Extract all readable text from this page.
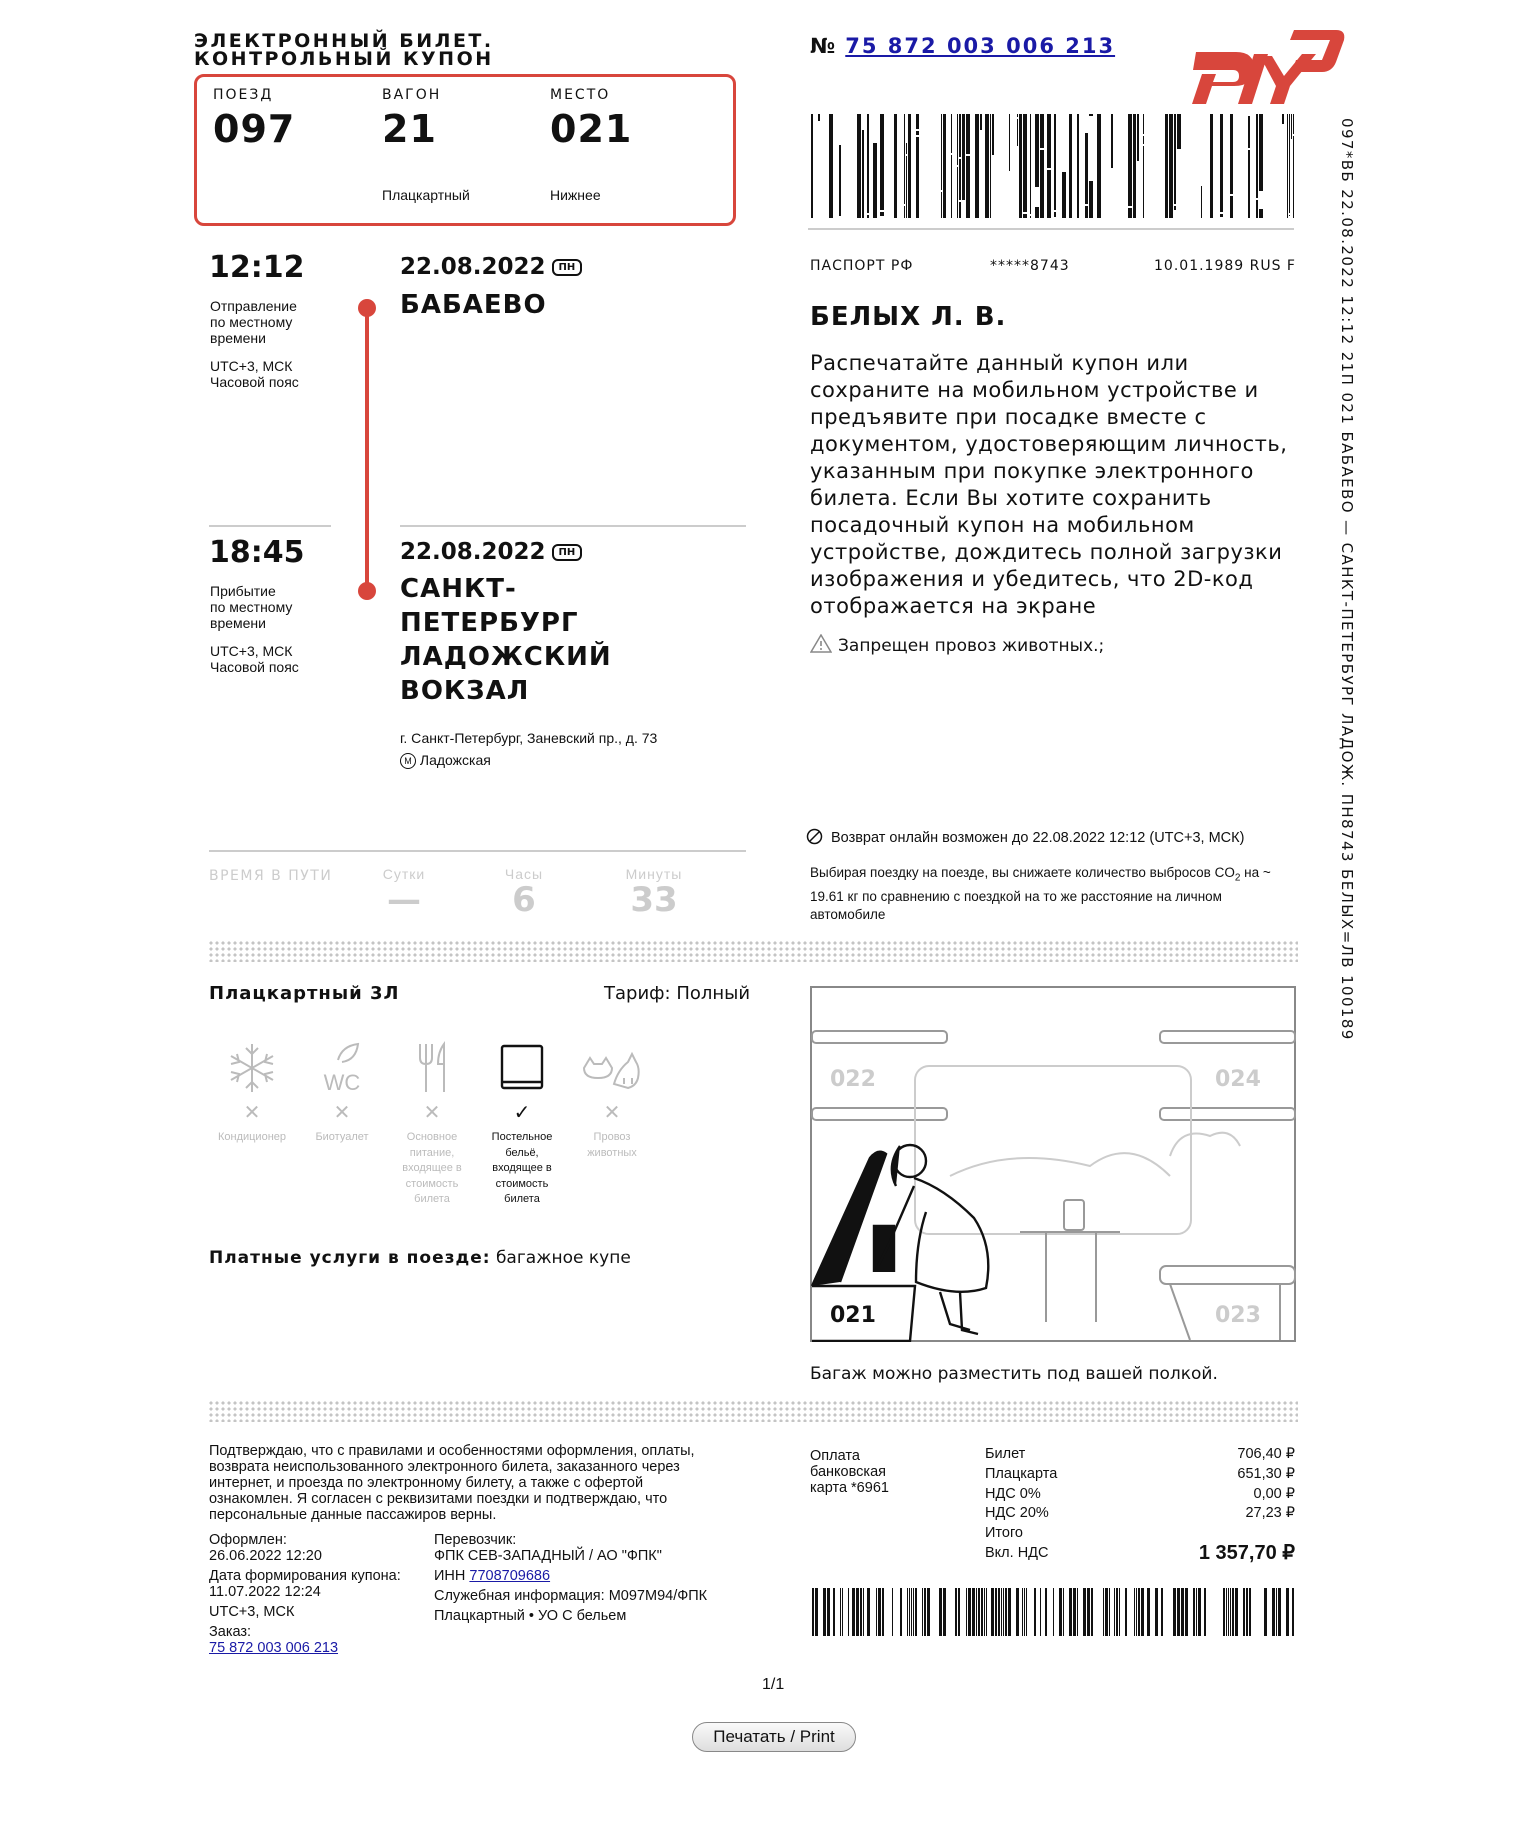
ЭЛЕКТРОННЫЙ БИЛЕТ. КОНТРОЛЬНЫЙ КУПОН
№ 75 872 003 006 213
ПОЕЗД
097
ВАГОН
21
Плацкартный
МЕСТО
021
Нижнее	097*ВБ 22.08.2022 12:12 21П 021 БАБАЕВО — САНКТ-ПЕТЕРБУРГ ЛАДОЖ. ПН8743 БЕЛЫХ=ЛВ 100189
12:12
Отправление
по местному
времени
UTC+3, МСК
Часовой пояс
22.08.2022 ПН
БАБАЕВО
18:45
Прибытие
по местному
времени
UTC+3, МСК
Часовой пояс
22.08.2022 ПН
САНКТ-
ПЕТЕРБУРГ
ЛАДОЖСКИЙ
ВОКЗАЛ
г. Санкт-Петербург, Заневский пр., д. 73
М Ладожская
ПАСПОРТ РФ	*****8743	10.01.1989 RUS F
БЕЛЫХ Л. В.
Распечатайте данный купон или сохраните на мобильном устройстве и предъявите при посадке вместе с документом, удостоверяющим личность, указанным при покупке электронного билета. Если Вы хотите сохранить посадочный купон на мобильном устройстве, дождитесь полной загрузки изображения и убедитесь, что 2D-код отображается на экране
Запрещен провоз животных.;
Возврат онлайн возможен до 22.08.2022 12:12 (UTC+3, МСК)
Выбирая поездку на поезде, вы снижаете количество выбросов $CO_2$ на ~ 19.61 кг по сравнению с поездкой на то же расстояние на личном автомобиле
ВРЕМЯ В ПУТИ	Сутки
—
Часы
6
Минуты
33
Плацкартный 3Л	Тариф: Полный
✕
Кондиционер
WC
✕
Биотуалет
✕
Основное
питание,
входящее в
стоимость
билета
✓
Постельное
бельё,
входящее в
стоимость
билета
✕
Провоз
животных
Платные услуги в поезде: багажное купе
022	024
021	023
Багаж можно разместить под вашей полкой.
Подтверждаю, что с правилами и особенностями оформления, оплаты, возврата неиспользованного электронного билета, заказанного через интернет, и проезда по электронному билету, а также с офертой ознакомлен. Я согласен с реквизитами поездки и подтверждаю, что персональные данные пассажиров верны.
Оформлен:
26.06.2022 12:20
Дата формирования купона:
11.07.2022 12:24
UTC+3, МСК
Заказ:
75 872 003 006 213
Перевозчик:
ФПК СЕВ-ЗАПАДНЫЙ / АО "ФПК"
ИНН 7708709686
Служебная информация: М097М94/ФПК
Плацкартный • УО С бельем
Оплата
банковская
карта *6961
Билет	706,40 ₽
Плацкарта	651,30 ₽
НДС 0%	0,00 ₽
НДС 20%	27,23 ₽
Итого
Вкл. НДС	1 357,70 ₽
1/1
Печатать / Print
